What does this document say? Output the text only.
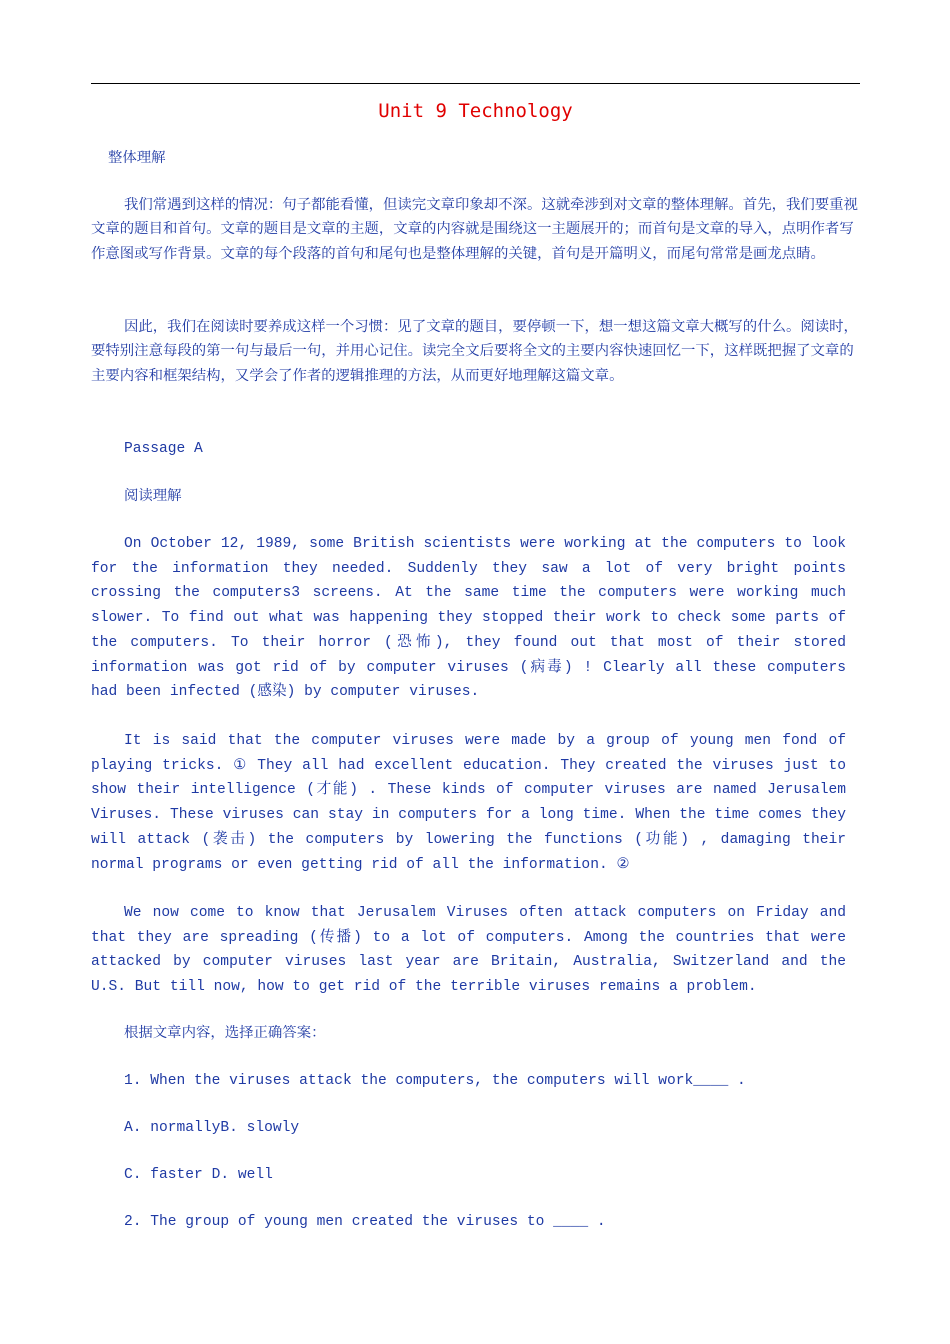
Unit 9 Technology

整体理解

我们常遇到这样的情况：句子都能看懂，但读完文章印象却不深。这就牵涉到对文章的整体理解。首先，我们要重视文章的题目和首句。文章的题目是文章的主题，文章的内容就是围绕这一主题展开的；而首句是文章的导入，点明作者写作意图或写作背景。文章的每个段落的首句和尾句也是整体理解的关键，首句是开篇明义，而尾句常常是画龙点睛。

因此，我们在阅读时要养成这样一个习惯：见了文章的题目，要停顿一下，想一想这篇文章大概写的什么。阅读时，要特别注意每段的第一句与最后一句，并用心记住。读完全文后要将全文的主要内容快速回忆一下，这样既把握了文章的主要内容和框架结构，又学会了作者的逻辑推理的方法，从而更好地理解这篇文章。

Passage A

阅读理解

On October 12, 1989, some British scientists were working at the computers to look for the information they needed. Suddenly they saw a lot of very bright points crossing the computers3 screens. At the same time the computers were working much slower. To find out what was happening they stopped their work to check some parts of the computers. To their horror (恐怖), they found out that most of their stored information was got rid of by computer viruses (病毒) ! Clearly all these computers had been infected (感染) by computer viruses.

It is said that the computer viruses were made by a group of young men fond of playing tricks. ① They all had excellent education. They created the viruses just to show their intelligence (才能) . These kinds of computer viruses are named Jerusalem Viruses. These viruses can stay in computers for a long time. When the time comes they will attack (袭击) the computers by lowering the functions (功能) , damaging their normal programs or even getting rid of all the information. ②

We now come to know that Jerusalem Viruses often attack computers on Friday and that they are spreading (传播) to a lot of computers. Among the countries that were attacked by computer viruses last year are Britain, Australia, Switzerland and the U.S. But till now, how to get rid of the terrible viruses remains a problem.

根据文章内容，选择正确答案：

1. When the viruses attack the computers, the computers will work____ .
A. normallyB. slowly
C. faster D. well
2. The group of young men created the viruses to ____ .
